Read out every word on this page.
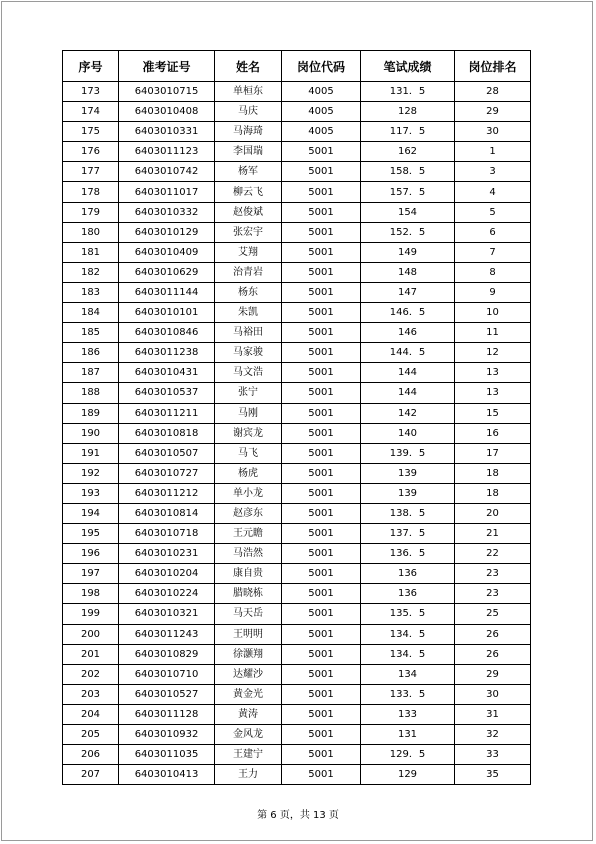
序号	准考证号	姓名	岗位代码	笔试成绩	岗位排名
173	6403010715	单桓东	4005	131．5	28
174	6403010408	马庆	4005	128	29
175	6403010331	马海琦	4005	117．5	30
176	6403011123	李国瑞	5001	162	1
177	6403010742	杨军	5001	158．5	3
178	6403011017	柳云飞	5001	157．5	4
179	6403010332	赵俊斌	5001	154	5
180	6403010129	张宏宇	5001	152．5	6
181	6403010409	艾翔	5001	149	7
182	6403010629	治青岩	5001	148	8
183	6403011144	杨东	5001	147	9
184	6403010101	朱凯	5001	146．5	10
185	6403010846	马裕田	5001	146	11
186	6403011238	马家骏	5001	144．5	12
187	6403010431	马文浩	5001	144	13
188	6403010537	张宁	5001	144	13
189	6403011211	马刚	5001	142	15
190	6403010818	谢宾龙	5001	140	16
191	6403010507	马飞	5001	139．5	17
192	6403010727	杨虎	5001	139	18
193	6403011212	单小龙	5001	139	18
194	6403010814	赵彦东	5001	138．5	20
195	6403010718	王元瞻	5001	137．5	21
196	6403010231	马浩然	5001	136．5	22
197	6403010204	康自贵	5001	136	23
198	6403010224	腊晓栋	5001	136	23
199	6403010321	马天岳	5001	135．5	25
200	6403011243	王明明	5001	134．5	26
201	6403010829	徐灏翔	5001	134．5	26
202	6403010710	达耀沙	5001	134	29
203	6403010527	黄金光	5001	133．5	30
204	6403011128	黄涛	5001	133	31
205	6403010932	金风龙	5001	131	32
206	6403011035	王建宁	5001	129．5	33
207	6403010413	王力	5001	129	35
第 6 页，共 13 页
